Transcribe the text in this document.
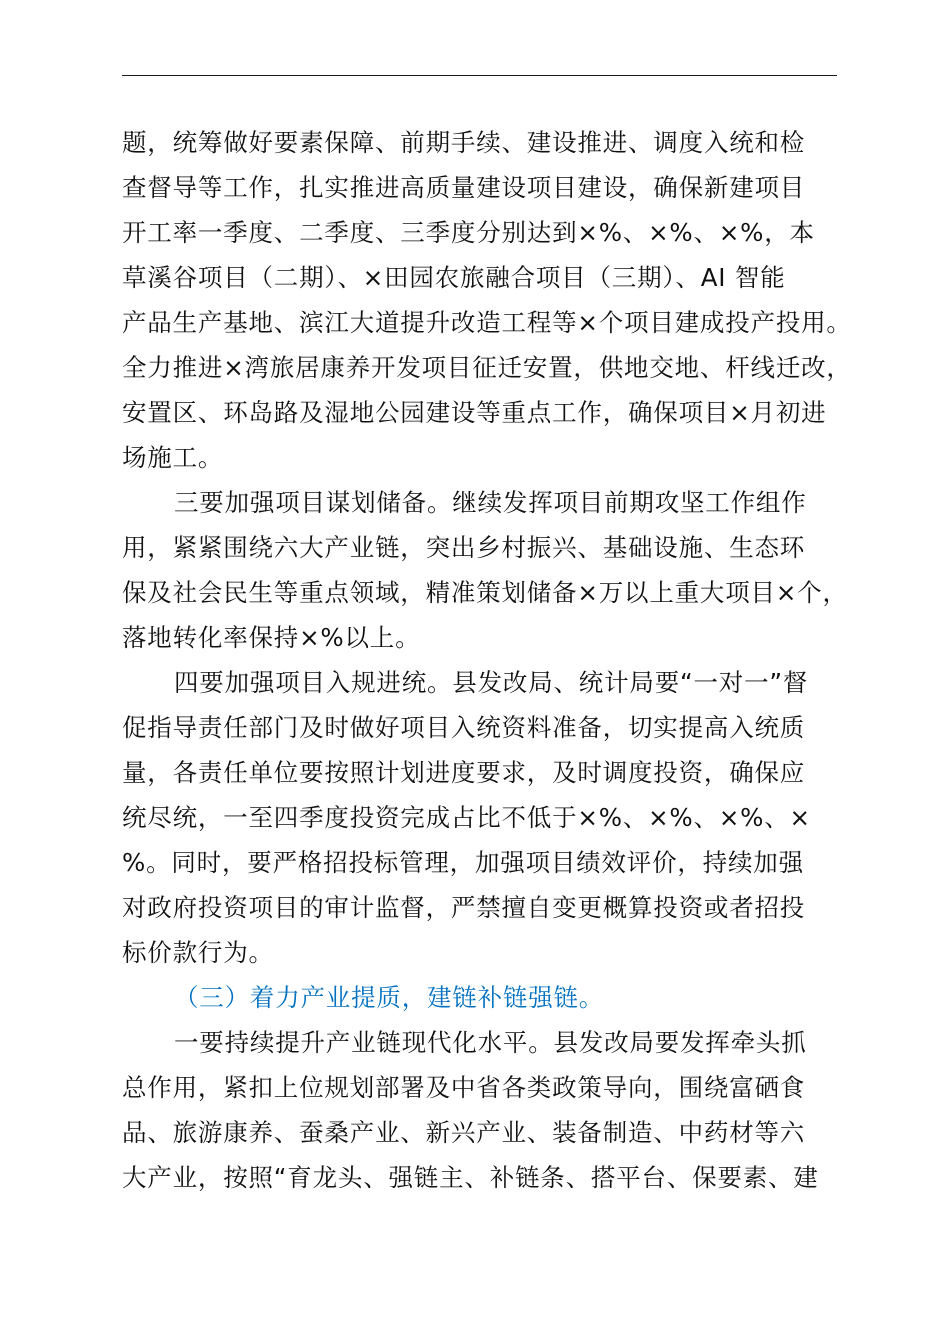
题，统筹做好要素保障、前期手续、建设推进、调度入统和检
查督导等工作，扎实推进高质量建设项目建设，确保新建项目
开工率一季度、二季度、三季度分别达到×%、×%、×%，本
草溪谷项目（二期）、×田园农旅融合项目（三期）、AI 智能
产品生产基地、滨江大道提升改造工程等×个项目建成投产投用。
全力推进×湾旅居康养开发项目征迁安置，供地交地、杆线迁改，
安置区、环岛路及湿地公园建设等重点工作，确保项目×月初进
场施工。
三要加强项目谋划储备。继续发挥项目前期攻坚工作组作
用，紧紧围绕六大产业链，突出乡村振兴、基础设施、生态环
保及社会民生等重点领域，精准策划储备×万以上重大项目×个，
落地转化率保持×%以上。
四要加强项目入规进统。县发改局、统计局要“一对一”督
促指导责任部门及时做好项目入统资料准备，切实提高入统质
量，各责任单位要按照计划进度要求，及时调度投资，确保应
统尽统，一至四季度投资完成占比不低于×%、×%、×%、×
%。同时，要严格招投标管理，加强项目绩效评价，持续加强
对政府投资项目的审计监督，严禁擅自变更概算投资或者招投
标价款行为。
（三）着力产业提质，建链补链强链。
一要持续提升产业链现代化水平。县发改局要发挥牵头抓
总作用，紧扣上位规划部署及中省各类政策导向，围绕富硒食
品、旅游康养、蚕桑产业、新兴产业、装备制造、中药材等六
大产业，按照“育龙头、强链主、补链条、搭平台、保要素、建
